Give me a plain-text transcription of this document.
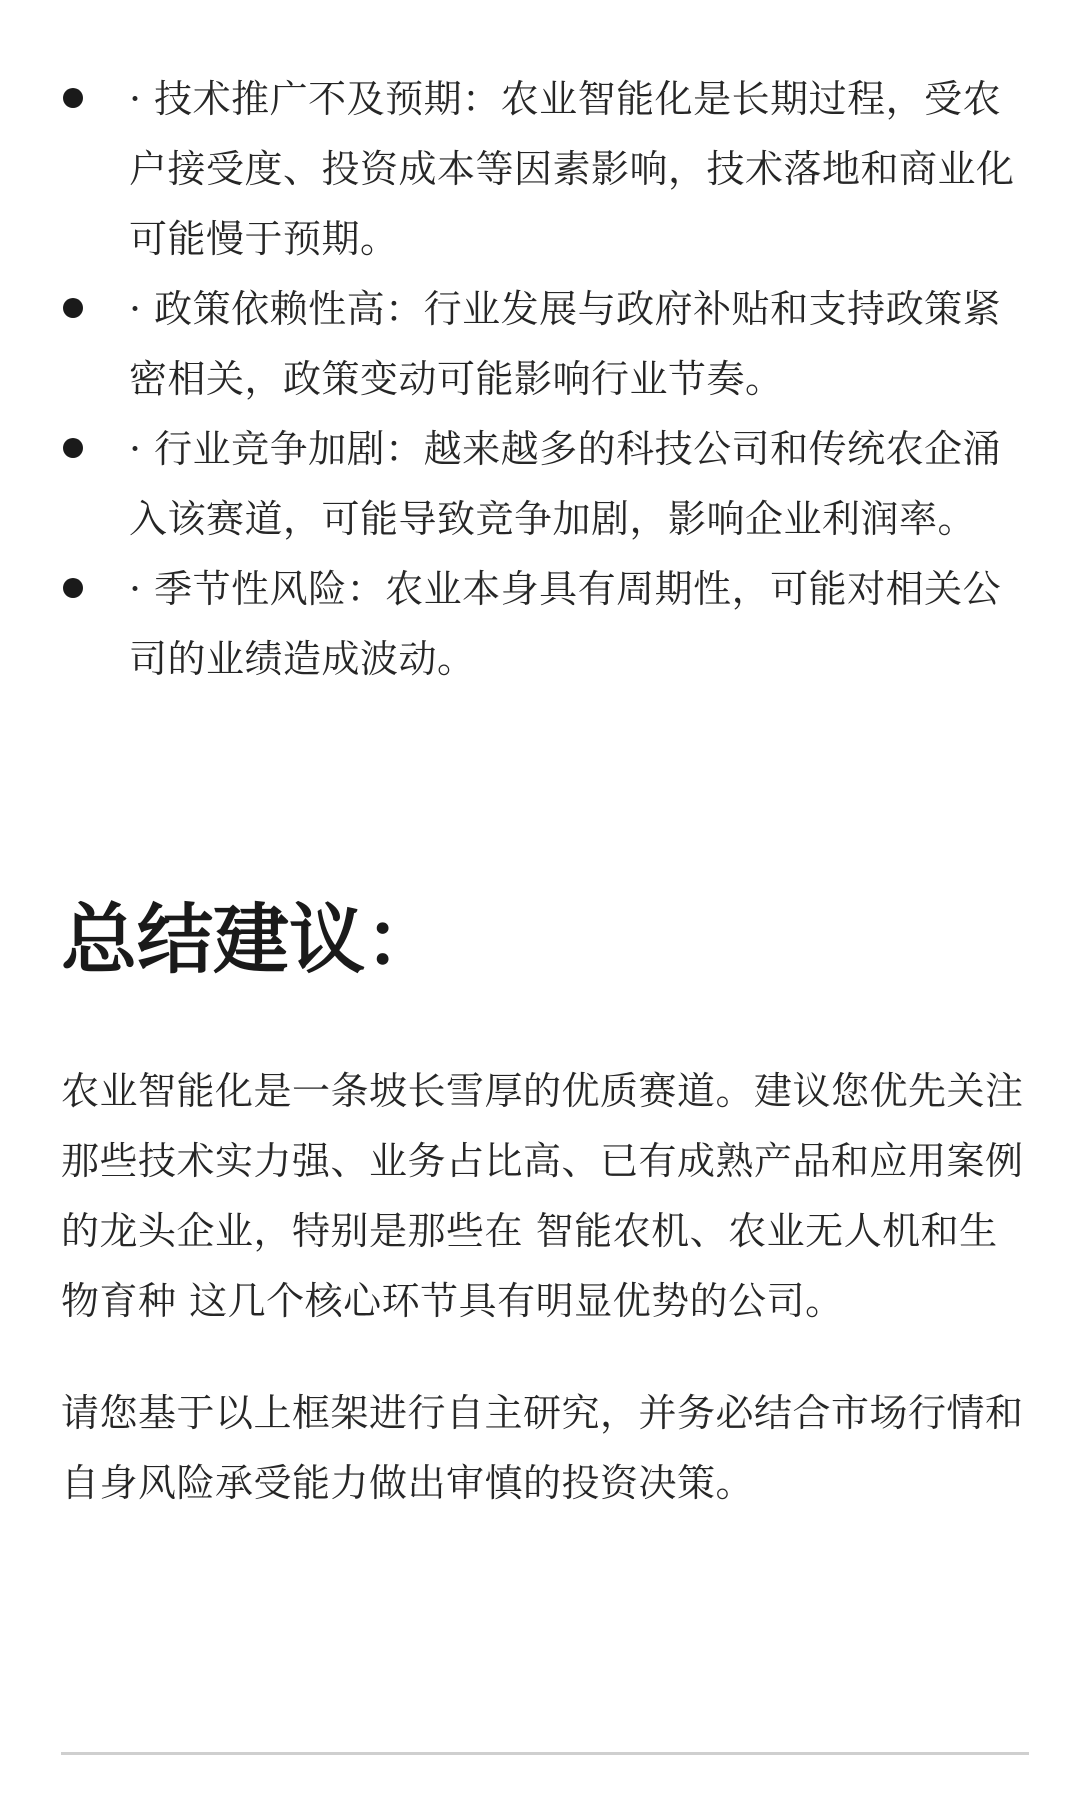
· 技术推广不及预期：农业智能化是长期过程，受农户接受度、投资成本等因素影响，技术落地和商业化可能慢于预期。
· 政策依赖性高：行业发展与政府补贴和支持政策紧密相关，政策变动可能影响行业节奏。
· 行业竞争加剧：越来越多的科技公司和传统农企涌入该赛道，可能导致竞争加剧，影响企业利润率。
· 季节性风险：农业本身具有周期性，可能对相关公司的业绩造成波动。
总结建议：

农业智能化是一条坡长雪厚的优质赛道。建议您优先关注那些技术实力强、业务占比高、已有成熟产品和应用案例的龙头企业，特别是那些在 智能农机、农业无人机和生物育种 这几个核心环节具有明显优势的公司。

请您基于以上框架进行自主研究，并务必结合市场行情和自身风险承受能力做出审慎的投资决策。
